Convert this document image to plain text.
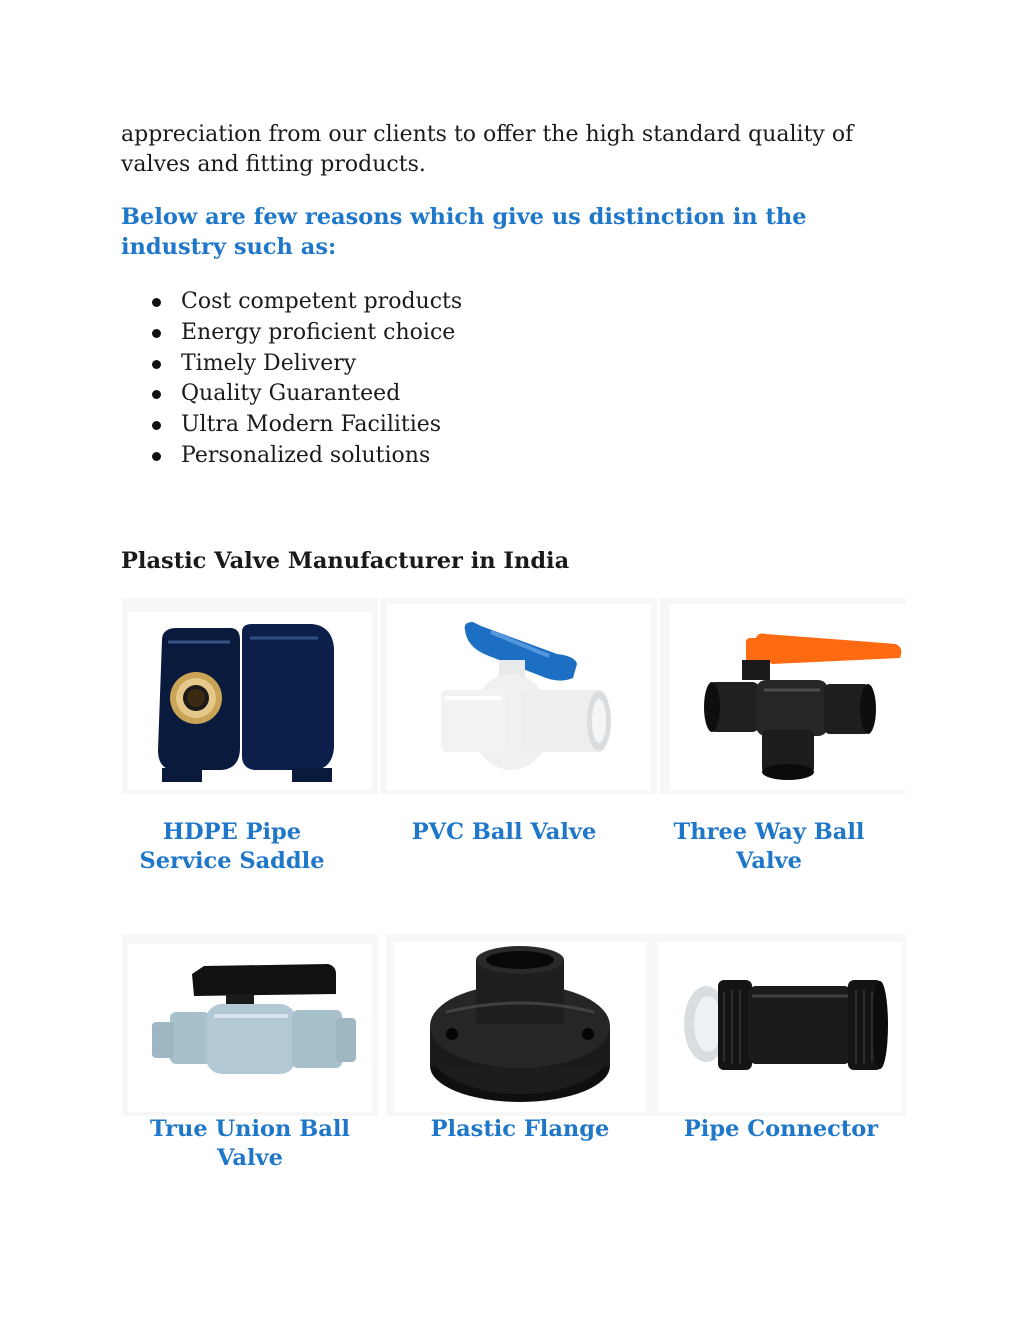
appreciation from our clients to offer the high standard quality of valves and fitting products.

Below are few reasons which give us distinction in the industry such as:

Cost competent products
Energy proficient choice
Timely Delivery
Quality Guaranteed
Ultra Modern Facilities
Personalized solutions
Plastic Valve Manufacturer in India
HDPE Pipe Service Saddle
PVC Ball Valve	Three Way Ball Valve
True Union Ball Valve
Plastic Flange	Pipe Connector
